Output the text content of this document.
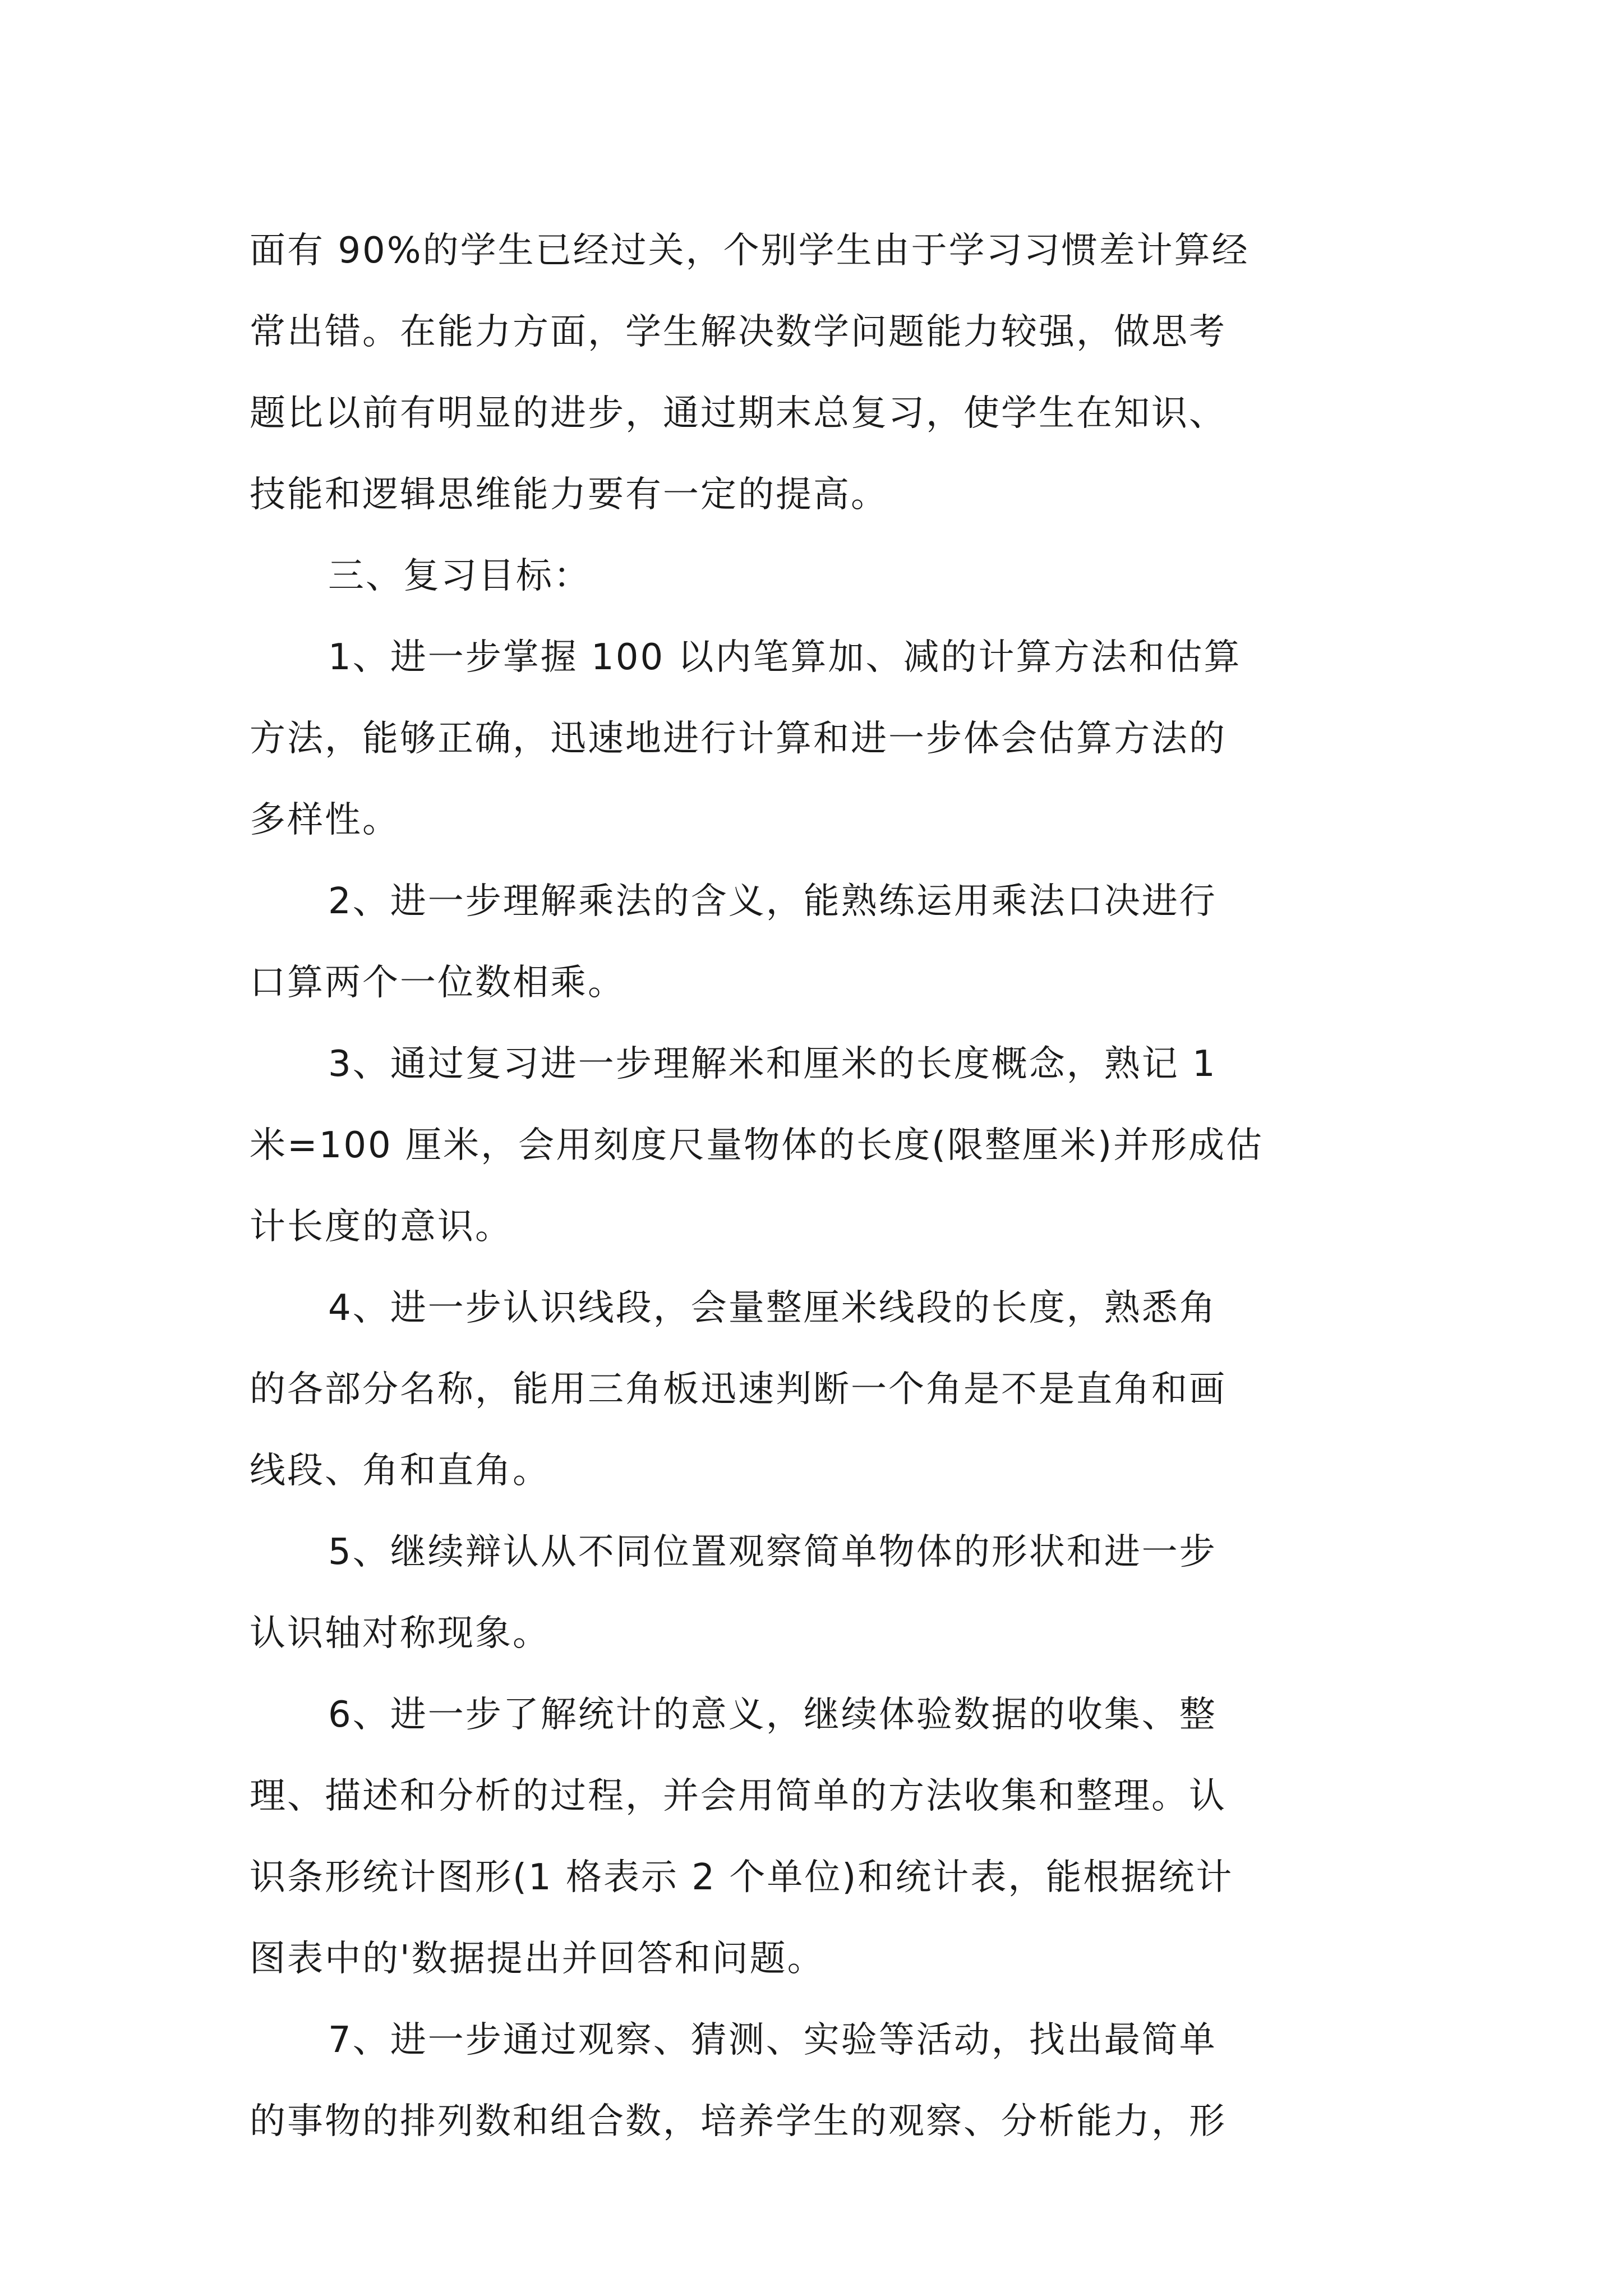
面有 90%的学生已经过关，个别学生由于学习习惯差计算经
常出错。在能力方面，学生解决数学问题能力较强，做思考
题比以前有明显的进步，通过期末总复习，使学生在知识、
技能和逻辑思维能力要有一定的提高。
三、复习目标：
1、进一步掌握 100 以内笔算加、减的计算方法和估算
方法，能够正确，迅速地进行计算和进一步体会估算方法的
多样性。
2、进一步理解乘法的含义，能熟练运用乘法口决进行
口算两个一位数相乘。
3、通过复习进一步理解米和厘米的长度概念，熟记 1
米=100 厘米，会用刻度尺量物体的长度(限整厘米)并形成估
计长度的意识。
4、进一步认识线段，会量整厘米线段的长度，熟悉角
的各部分名称，能用三角板迅速判断一个角是不是直角和画
线段、角和直角。
5、继续辩认从不同位置观察简单物体的形状和进一步
认识轴对称现象。
6、进一步了解统计的意义，继续体验数据的收集、整
理、描述和分析的过程，并会用简单的方法收集和整理。认
识条形统计图形(1 格表示 2 个单位)和统计表，能根据统计
图表中的'数据提出并回答和问题。
7、进一步通过观察、猜测、实验等活动，找出最简单
的事物的排列数和组合数，培养学生的观察、分析能力，形
